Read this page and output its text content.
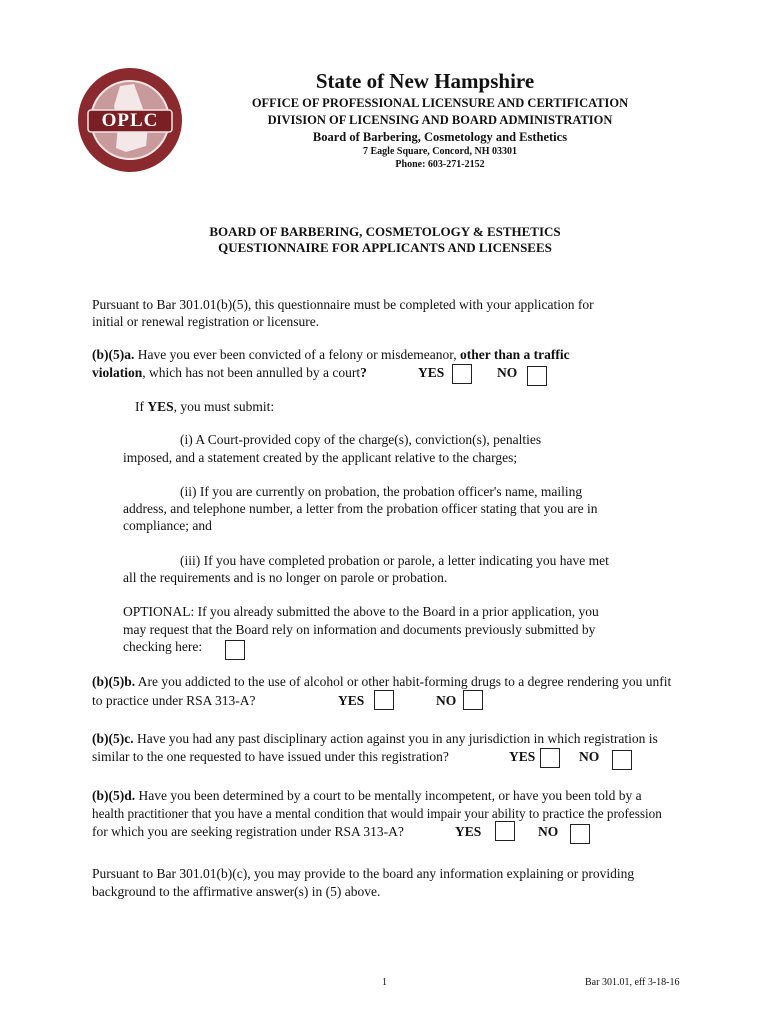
OPLC
State of New Hampshire
OFFICE OF PROFESSIONAL LICENSURE AND CERTIFICATION
DIVISION OF LICENSING AND BOARD ADMINISTRATION
Board of Barbering, Cosmetology and Esthetics
7 Eagle Square, Concord, NH 03301
Phone: 603-271-2152
BOARD OF BARBERING, COSMETOLOGY & ESTHETICS
QUESTIONNAIRE FOR APPLICANTS AND LICENSEES
Pursuant to Bar 301.01(b)(5), this questionnaire must be completed with your application for
initial or renewal registration or licensure.
(b)(5)a. Have you ever been convicted of a felony or misdemeanor, other than a traffic
violation, which has not been annulled by a court?	YES	NO
If YES, you must submit:
(i) A Court-provided copy of the charge(s), conviction(s), penalties
imposed, and a statement created by the applicant relative to the charges;
(ii) If you are currently on probation, the probation officer's name, mailing
address, and telephone number, a letter from the probation officer stating that you are in
compliance; and
(iii) If you have completed probation or parole, a letter indicating you have met
all the requirements and is no longer on parole or probation.
OPTIONAL: If you already submitted the above to the Board in a prior application, you
may request that the Board rely on information and documents previously submitted by
checking here:
(b)(5)b. Are you addicted to the use of alcohol or other habit-forming drugs to a degree rendering you unfit
to practice under RSA 313-A?	YES	NO
(b)(5)c. Have you had any past disciplinary action against you in any jurisdiction in which registration is
similar to the one requested to have issued under this registration?	YES	NO
(b)(5)d. Have you been determined by a court to be mentally incompetent, or have you been told by a
health practitioner that you have a mental condition that would impair your ability to practice the profession
for which you are seeking registration under RSA 313-A?	YES	NO
Pursuant to Bar 301.01(b)(c), you may provide to the board any information explaining or providing
background to the affirmative answer(s) in (5) above.
1	Bar 301.01, eff 3-18-16
